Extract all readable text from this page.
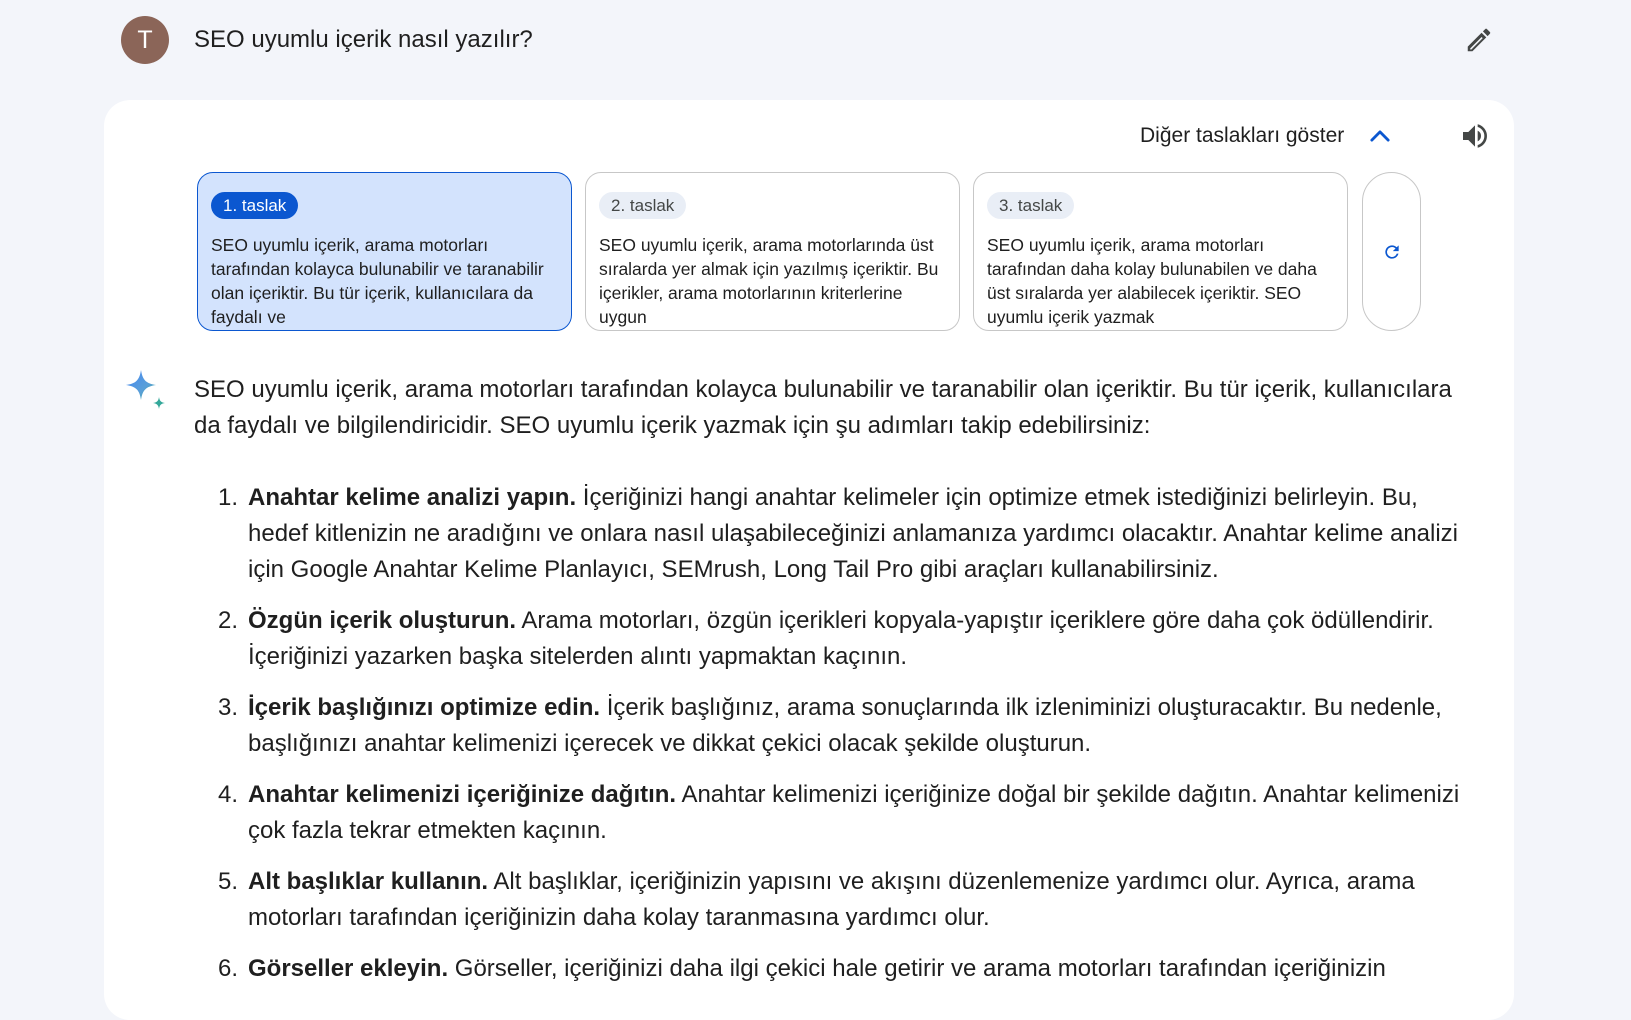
T	SEO uyumlu içerik nasıl yazılır?
Diğer taslakları göster
1. taslak
SEO uyumlu içerik, arama motorları tarafından kolayca bulunabilir ve taranabilir olan içeriktir. Bu tür içerik, kullanıcılara da faydalı ve
2. taslak
SEO uyumlu içerik, arama motorlarında üst sıralarda yer almak için yazılmış içeriktir. Bu içerikler, arama motorlarının kriterlerine uygun
3. taslak
SEO uyumlu içerik, arama motorları tarafından daha kolay bulunabilen ve daha üst sıralarda yer alabilecek içeriktir. SEO uyumlu içerik yazmak
SEO uyumlu içerik, arama motorları tarafından kolayca bulunabilir ve taranabilir olan içeriktir. Bu tür içerik, kullanıcılara da faydalı ve bilgilendiricidir. SEO uyumlu içerik yazmak için şu adımları takip edebilirsiniz:
1. Anahtar kelime analizi yapın. İçeriğinizi hangi anahtar kelimeler için optimize etmek istediğinizi belirleyin. Bu, hedef kitlenizin ne aradığını ve onlara nasıl ulaşabileceğinizi anlamanıza yardımcı olacaktır. Anahtar kelime analizi için Google Anahtar Kelime Planlayıcı, SEMrush, Long Tail Pro gibi araçları kullanabilirsiniz.
2. Özgün içerik oluşturun. Arama motorları, özgün içerikleri kopyala-yapıştır içeriklere göre daha çok ödüllendirir. İçeriğinizi yazarken başka sitelerden alıntı yapmaktan kaçının.
3. İçerik başlığınızı optimize edin. İçerik başlığınız, arama sonuçlarında ilk izleniminizi oluşturacaktır. Bu nedenle, başlığınızı anahtar kelimenizi içerecek ve dikkat çekici olacak şekilde oluşturun.
4. Anahtar kelimenizi içeriğinize dağıtın. Anahtar kelimenizi içeriğinize doğal bir şekilde dağıtın. Anahtar kelimenizi çok fazla tekrar etmekten kaçının.
5. Alt başlıklar kullanın. Alt başlıklar, içeriğinizin yapısını ve akışını düzenlemenize yardımcı olur. Ayrıca, arama motorları tarafından içeriğinizin daha kolay taranmasına yardımcı olur.
6. Görseller ekleyin. Görseller, içeriğinizi daha ilgi çekici hale getirir ve arama motorları tarafından içeriğinizin
